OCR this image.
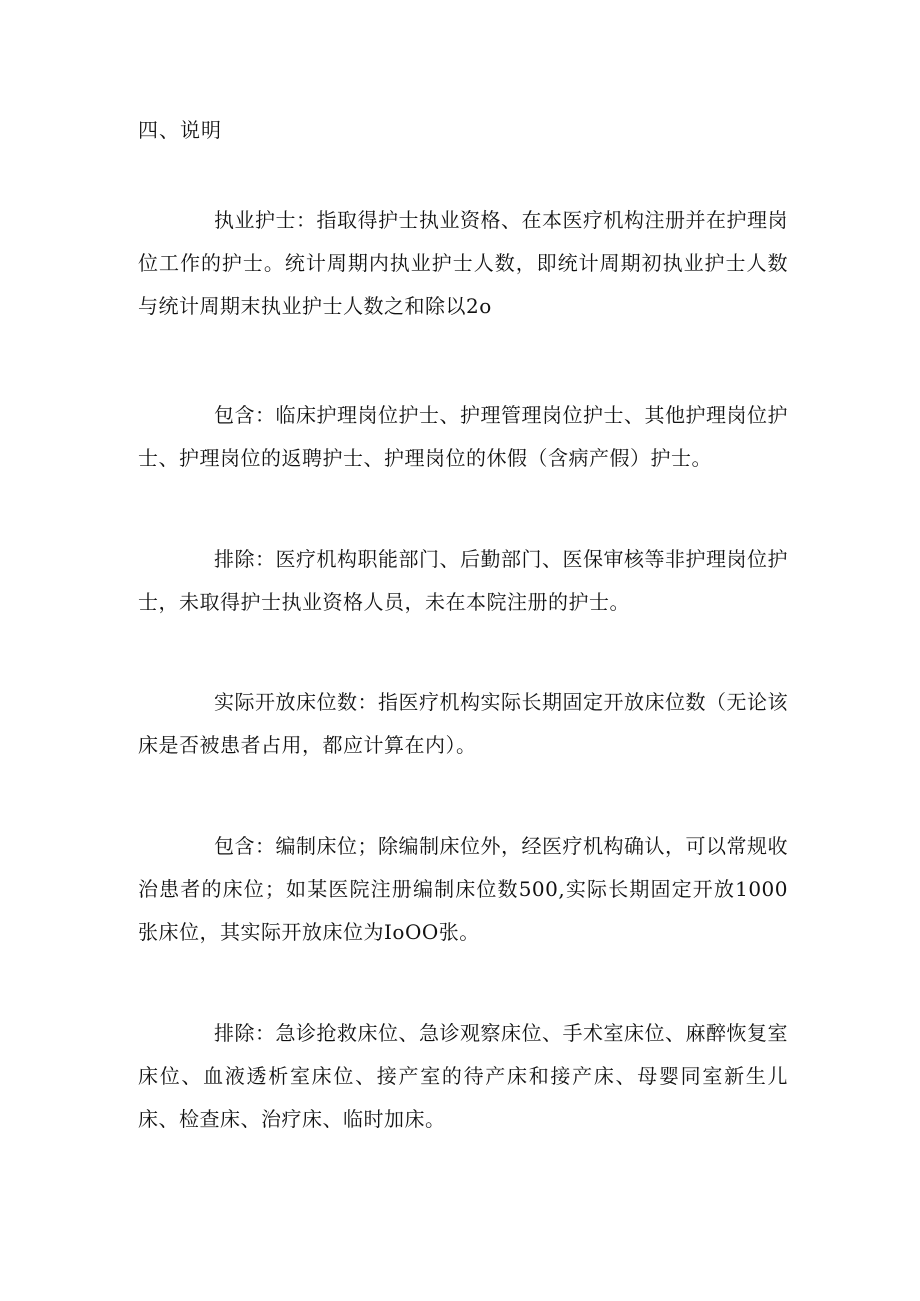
四、说明

执业护士：指取得护士执业资格、在本医疗机构注册并在护理岗位工作的护士。统计周期内执业护士人数，即统计周期初执业护士人数与统计周期末执业护士人数之和除以2o

包含：临床护理岗位护士、护理管理岗位护士、其他护理岗位护士、护理岗位的返聘护士、护理岗位的休假（含病产假）护士。

排除：医疗机构职能部门、后勤部门、医保审核等非护理岗位护士，未取得护士执业资格人员，未在本院注册的护士。

实际开放床位数：指医疗机构实际长期固定开放床位数（无论该床是否被患者占用，都应计算在内）。

包含：编制床位；除编制床位外，经医疗机构确认，可以常规收治患者的床位；如某医院注册编制床位数500,实际长期固定开放1000张床位，其实际开放床位为IoOO张。

排除：急诊抢救床位、急诊观察床位、手术室床位、麻醉恢复室床位、血液透析室床位、接产室的待产床和接产床、母婴同室新生儿床、检查床、治疗床、临时加床。
